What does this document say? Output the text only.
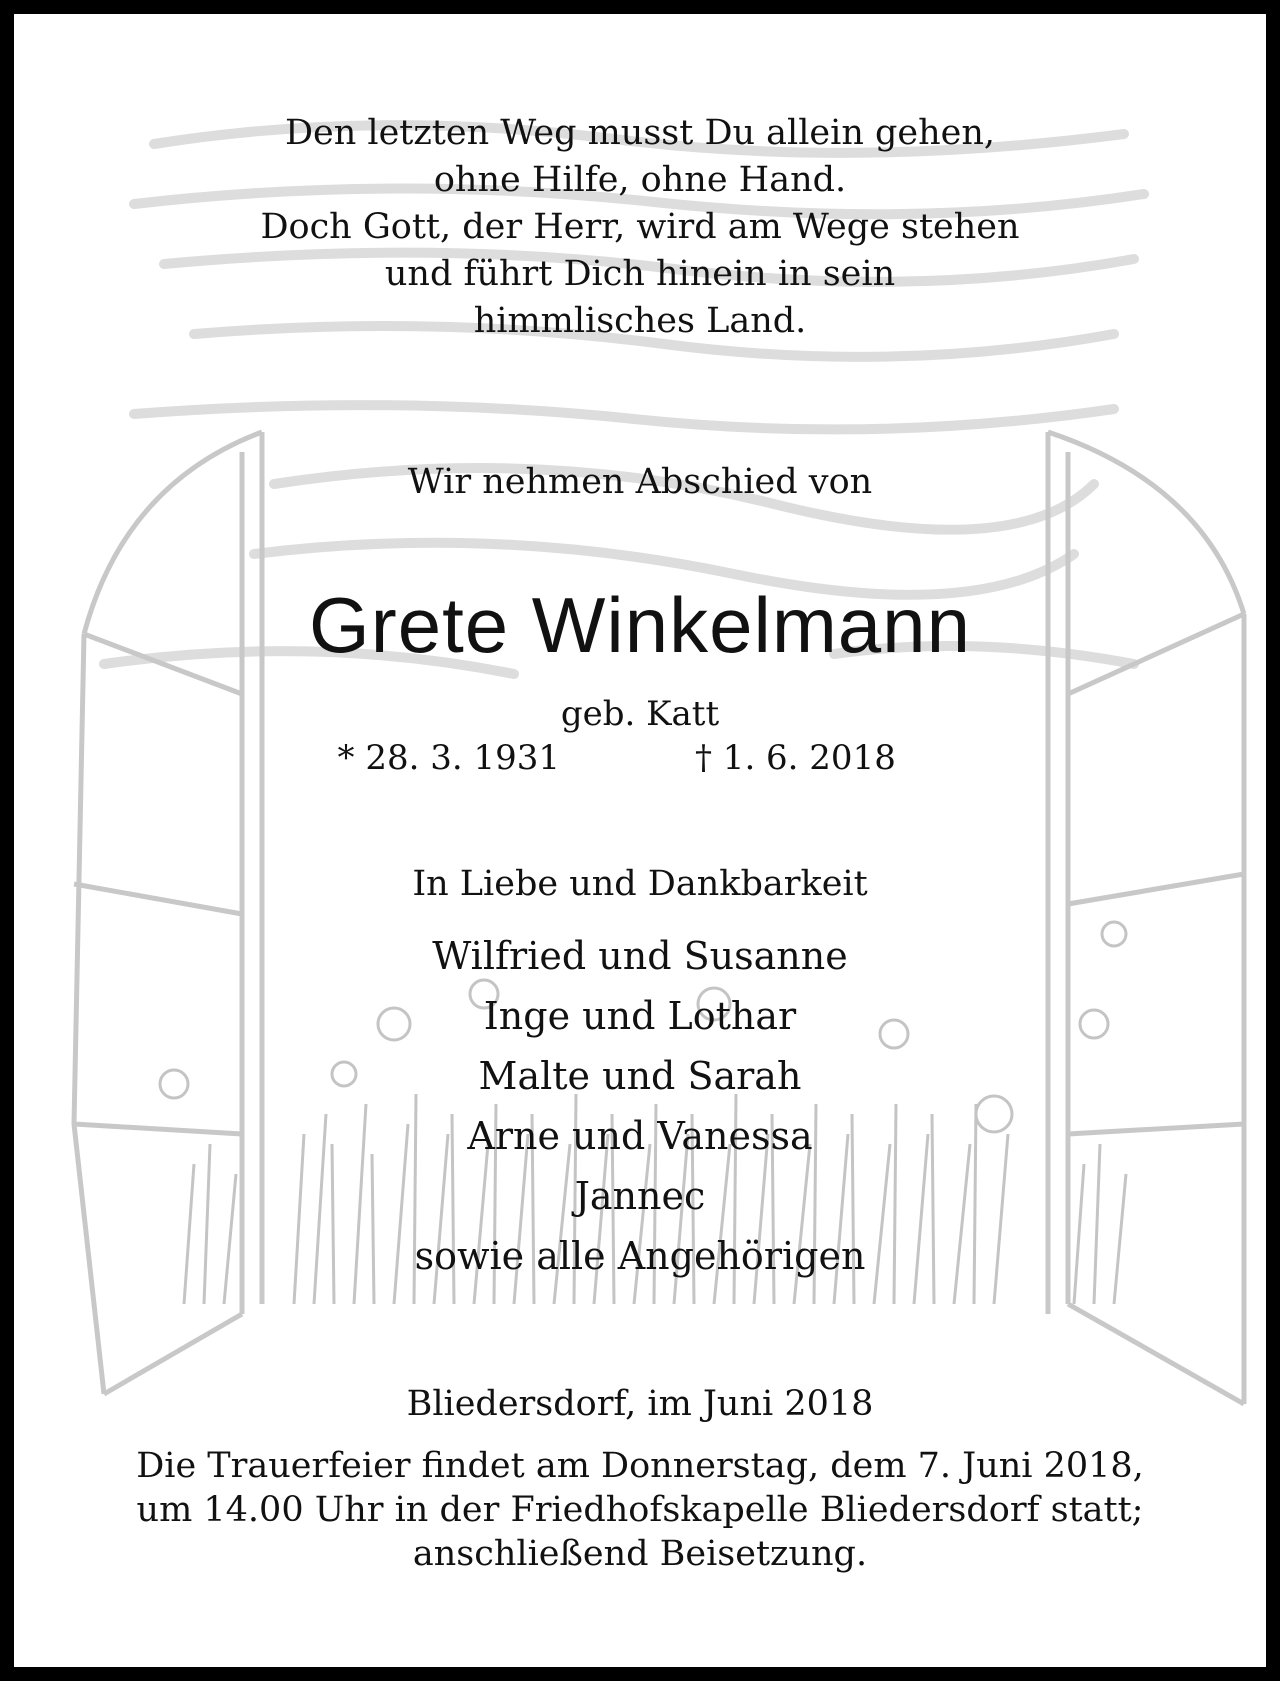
Den letzten Weg musst Du allein gehen,
ohne Hilfe, ohne Hand.
Doch Gott, der Herr, wird am Wege stehen
und führt Dich hinein in sein
himmlisches Land.
Wir nehmen Abschied von
Grete Winkelmann
geb. Katt
* 28. 3. 1931	† 1. 6. 2018
In Liebe und Dankbarkeit
Wilfried und Susanne
Inge und Lothar
Malte und Sarah
Arne und Vanessa
Jannec
sowie alle Angehörigen
Bliedersdorf, im Juni 2018
Die Trauerfeier findet am Donnerstag, dem 7. Juni 2018,
um 14.00 Uhr in der Friedhofskapelle Bliedersdorf statt;
anschließend Beisetzung.
